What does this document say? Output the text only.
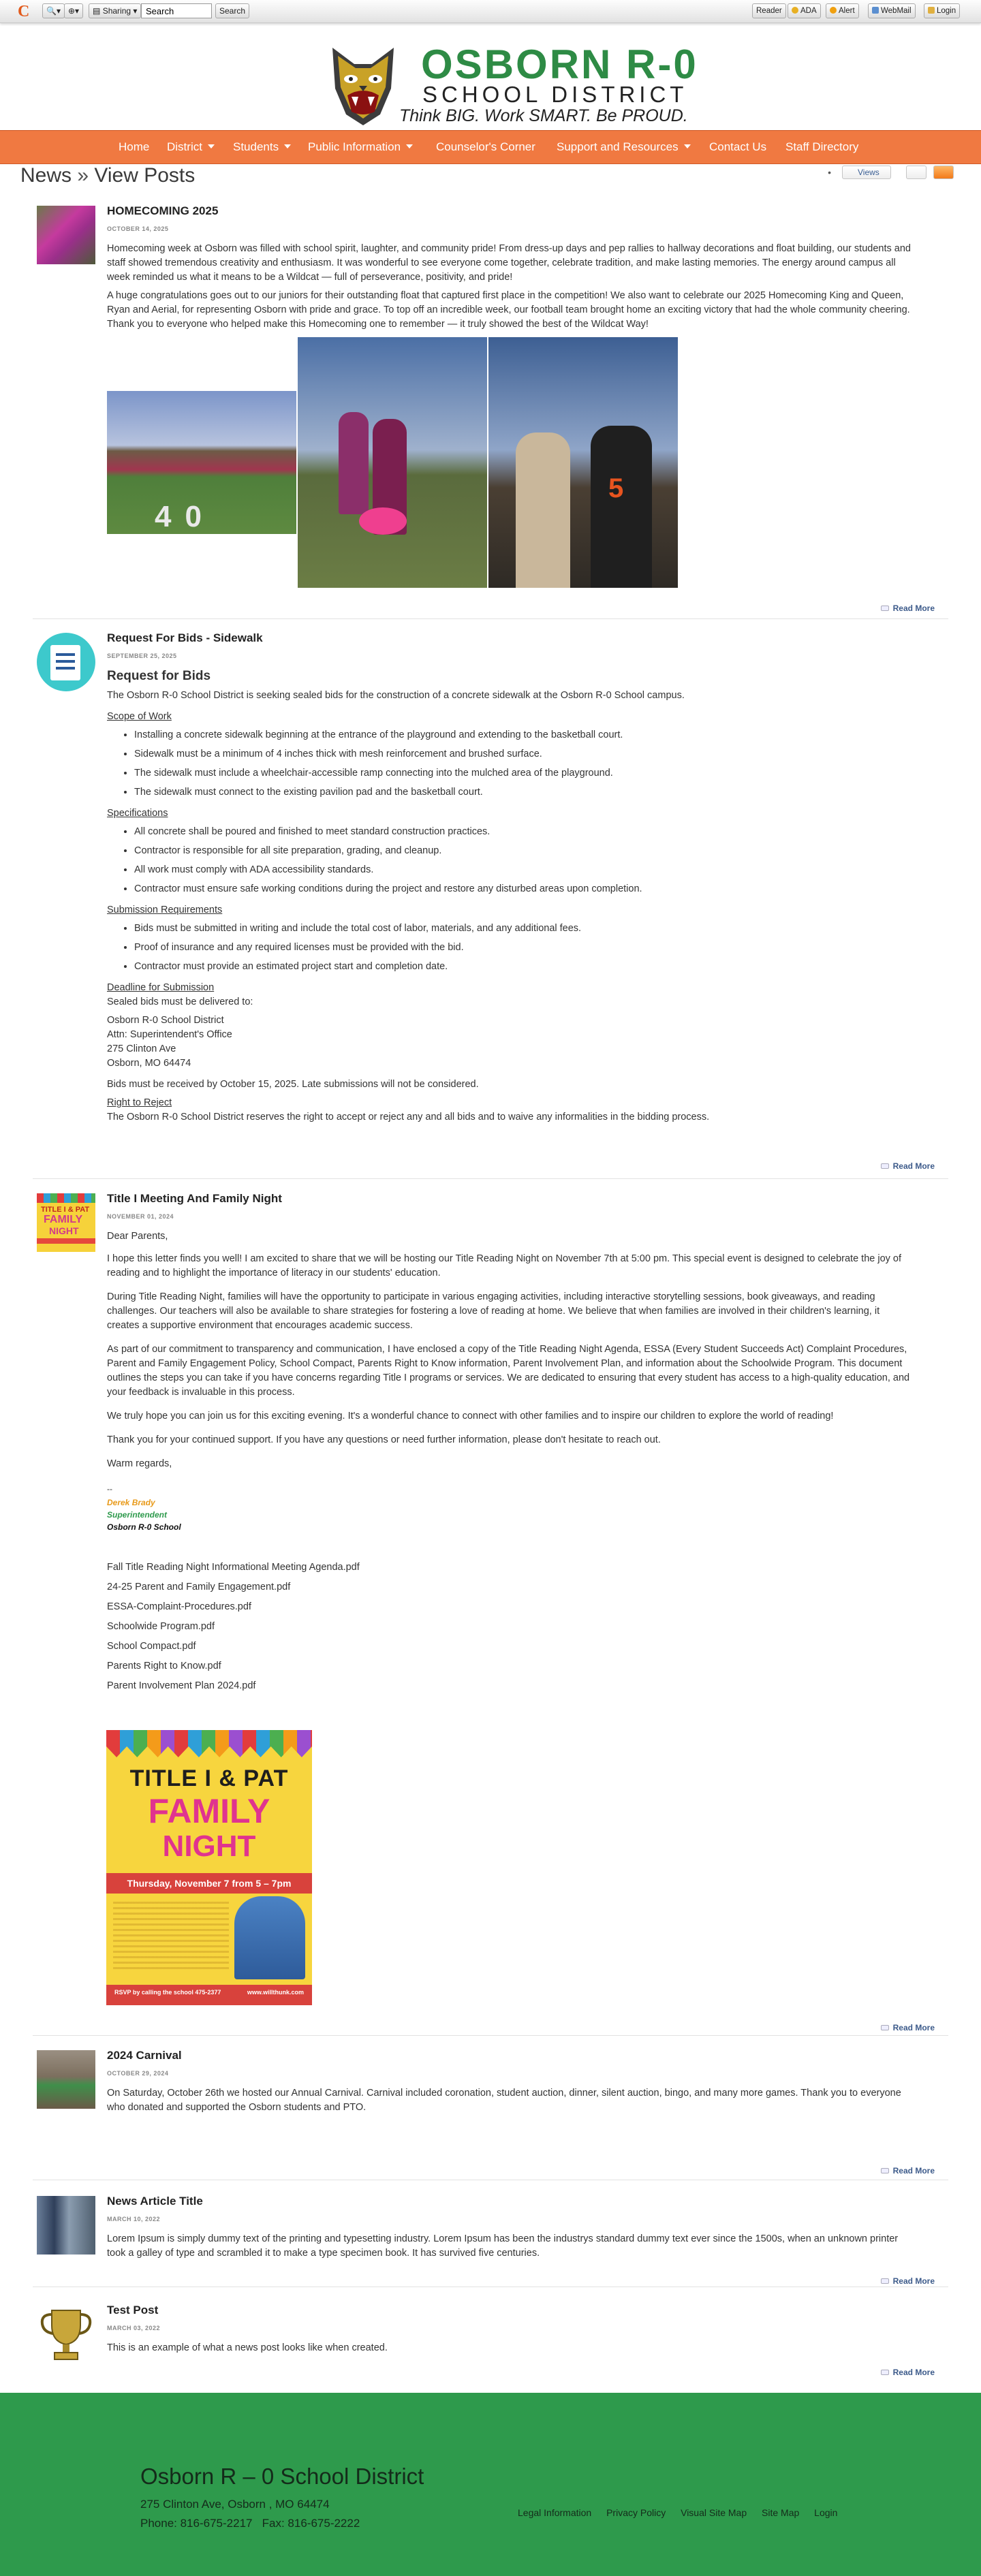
C	🔍▾ ⊕▾	▤ Sharing ▾
Search	Search	Reader	ADA	Alert	WebMail	Login
OSBORN R-0
SCHOOL DISTRICT
Think BIG. Work SMART. Be PROUD.
Home District	Students	Public Information	Counselor's Corner Support and Resources	Contact Us Staff Directory
News » View Posts	•	Views
HOMECOMING 2025
OCTOBER 14, 2025

Homecoming week at Osborn was filled with school spirit, laughter, and community pride! From dress-up days and pep rallies to hallway decorations and float building, our students and staff showed tremendous creativity and enthusiasm. It was wonderful to see everyone come together, celebrate tradition, and make lasting memories. The energy around campus all week reminded us what it means to be a Wildcat — full of perseverance, positivity, and pride!

A huge congratulations goes out to our juniors for their outstanding float that captured first place in the competition! We also want to celebrate our 2025 Homecoming King and Queen, Ryan and Aerial, for representing Osborn with pride and grace. To top off an incredible week, our football team brought home an exciting victory that had the whole community cheering. Thank you to everyone who helped make this Homecoming one to remember — it truly showed the best of the Wildcat Way!

40
5
Read More
Request For Bids - Sidewalk
SEPTEMBER 25, 2025
Request for Bids

The Osborn R-0 School District is seeking sealed bids for the construction of a concrete sidewalk at the Osborn R-0 School campus.

Scope of Work
• Installing a concrete sidewalk beginning at the entrance of the playground and extending to the basketball court.
• Sidewalk must be a minimum of 4 inches thick with mesh reinforcement and brushed surface.
• The sidewalk must include a wheelchair-accessible ramp connecting into the mulched area of the playground.
• The sidewalk must connect to the existing pavilion pad and the basketball court.
Specifications
• All concrete shall be poured and finished to meet standard construction practices.
• Contractor is responsible for all site preparation, grading, and cleanup.
• All work must comply with ADA accessibility standards.
• Contractor must ensure safe working conditions during the project and restore any disturbed areas upon completion.
Submission Requirements
• Bids must be submitted in writing and include the total cost of labor, materials, and any additional fees.
• Proof of insurance and any required licenses must be provided with the bid.
• Contractor must provide an estimated project start and completion date.
Deadline for Submission

Sealed bids must be delivered to:

Osborn R-0 School District
Attn: Superintendent's Office
275 Clinton Ave
Osborn, MO 64474

Bids must be received by October 15, 2025. Late submissions will not be considered.

Right to Reject

The Osborn R-0 School District reserves the right to accept or reject any and all bids and to waive any informalities in the bidding process.

Read More
TITLE I & PAT
FAMILY
NIGHT
Title I Meeting And Family Night
NOVEMBER 01, 2024

Dear Parents,

I hope this letter finds you well! I am excited to share that we will be hosting our Title Reading Night on November 7th at 5:00 pm. This special event is designed to celebrate the joy of reading and to highlight the importance of literacy in our students' education.

During Title Reading Night, families will have the opportunity to participate in various engaging activities, including interactive storytelling sessions, book giveaways, and reading challenges. Our teachers will also be available to share strategies for fostering a love of reading at home. We believe that when families are involved in their children's learning, it creates a supportive environment that encourages academic success.

As part of our commitment to transparency and communication, I have enclosed a copy of the Title Reading Night Agenda, ESSA (Every Student Succeeds Act) Complaint Procedures, Parent and Family Engagement Policy, School Compact, Parents Right to Know information, Parent Involvement Plan, and information about the Schoolwide Program. This document outlines the steps you can take if you have concerns regarding Title I programs or services. We are dedicated to ensuring that every student has access to a high-quality education, and your feedback is invaluable in this process.

We truly hope you can join us for this exciting evening. It's a wonderful chance to connect with other families and to inspire our children to explore the world of reading!

Thank you for your continued support. If you have any questions or need further information, please don't hesitate to reach out.

Warm regards,

--
Derek Brady
Superintendent
Osborn R-0 School
Fall Title Reading Night Informational Meeting Agenda.pdf
24-25 Parent and Family Engagement.pdf
ESSA-Complaint-Procedures.pdf
Schoolwide Program.pdf
School Compact.pdf
Parents Right to Know.pdf
Parent Involvement Plan 2024.pdf
TITLE I & PAT
FAMILY
NIGHT
Thursday, November 7 from 5 – 7pm
RSVP by calling the school 475-2377	www.willthunk.com
Read More
2024 Carnival
OCTOBER 29, 2024

On Saturday, October 26th we hosted our Annual Carnival. Carnival included coronation, student auction, dinner, silent auction, bingo, and many more games. Thank you to everyone who donated and supported the Osborn students and PTO.

Read More
News Article Title
MARCH 10, 2022

Lorem Ipsum is simply dummy text of the printing and typesetting industry. Lorem Ipsum has been the industrys standard dummy text ever since the 1500s, when an unknown printer took a galley of type and scrambled it to make a type specimen book. It has survived five centuries.

Read More
Test Post
MARCH 03, 2022

This is an example of what a news post looks like when created.

Read More
Osborn R – 0 School District
275 Clinton Ave, Osborn , MO 64474
Phone: 816-675-2217   Fax: 816-675-2222
Legal Information Privacy Policy Visual Site Map Site Map Login
